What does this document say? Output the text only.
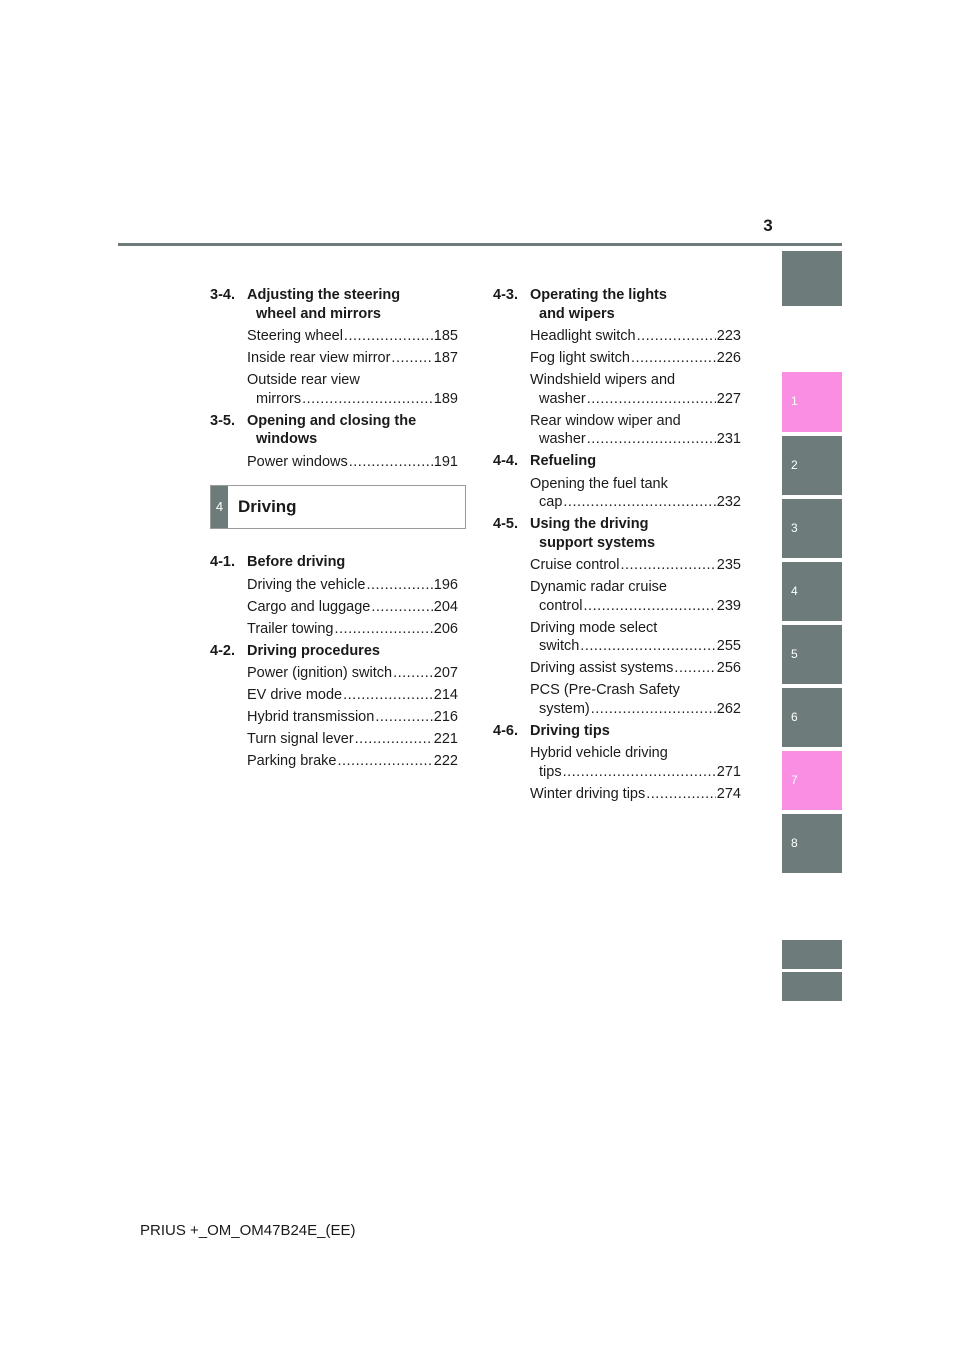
3
3-4. Adjusting the steering
wheel and mirrors
Steering wheel .....	185
Inside rear view mirror .....	187
Outside rear view
mirrors .....	189
3-5. Opening and closing the
windows
Power windows .....	191
4 Driving
4-1. Before driving
Driving the vehicle .....	196
Cargo and luggage .....	204
Trailer towing .....	206
4-2. Driving procedures
Power (ignition) switch .....	207
EV drive mode .....	214
Hybrid transmission .....	216
Turn signal lever .....	221
Parking brake .....	222
4-3. Operating the lights
and wipers
Headlight switch .....	223
Fog light switch .....	226
Windshield wipers and
washer .....	227
Rear window wiper and
washer .....	231
4-4. Refueling
Opening the fuel tank
cap .....	232
4-5. Using the driving
support systems
Cruise control .....	235
Dynamic radar cruise
control .....	239
Driving mode select
switch .....	255
Driving assist systems .....	256
PCS (Pre-Crash Safety
system) .....	262
4-6. Driving tips
Hybrid vehicle driving
tips .....	271
Winter driving tips .....	274
1
2
3
4
5
6
7
8
PRIUS +_OM_OM47B24E_(EE)
